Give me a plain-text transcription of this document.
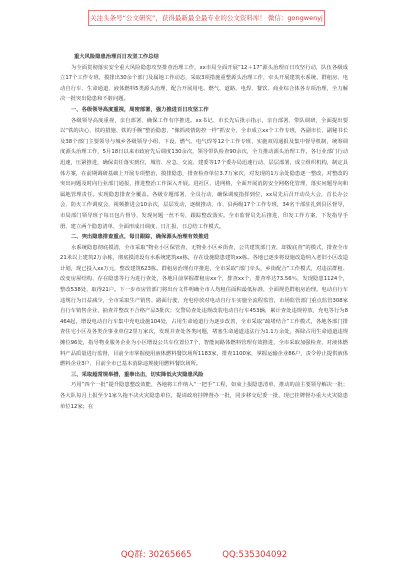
关注头条号“公文研究”，获得最新最全最专业的公文资料库！ 微信：gongwenyj
重大风险隐患治理百日攻坚工作总结
为全面贯彻落实安全重大风险隐患攻坚排查治理工作，xx市局全面开展“12＋17”源头治理百日攻坚行动，队伍各级成立17个工作专班，摸排出30余个部门及属地工作动态，采取3项措施重整源头治理工作，牵头开展建筑水系统、群租房、电动自行车、生命通道、液体燃料5类源头治理，配合开展用电、燃气、道路、电焊、餐饮、商业综合体各专项治理，全力解决一批突出隐患和不脏问题。
一、各级领导高度重视，周密部署，强力推进百日攻坚工作
各级领导高度重视，亲自部署，确保工作有序推进。xx书记、市长先后批示指示，亲自部署、带队调研，全面提出要以“铁的决心、铁的措施、铁的手腕”整治隐患，“像抓疫情防控一样”抓安全，全市成立xx个工作专班，各副市长、副秘书长及38个部门主要领导与城乡各级领导小组、下设、燃气、电气焊等12个工作专班，实施双周通报及集中督导机制，统筹调度源头治理工作，5月18日以来市政府先后调度130余次，领导带队检查90余次，全力推动源头治理工作。各行业部门行动迅速，压紧推进，确保责任落实到位，城管、应急、交流、建委等17个委办局迅速行动，层层部署，成立组织机构，制定具体方案，在前期调研基础上开展专项整治，摸排隐患，排查检查单位3.7万家次，对发现的1万余处隐患逐一整改，对整改的突出问题及时向行业部门通报，推进整治工作深入开展。进社区、进网格，全面开展消防安全网格化管理，落实问题导向和属地管理责任。实现隐患排查全覆盖。各级专题部署、全员行动，确保调度指挥到位，xx局先后召开动员大会，首长办公会、防火工作调度会，视频推进会10余次，层层发动，逐级推动，市、县两级17个工作专班，34名干部驻扎到县区督导，市局部门领导班子每日包片督导，发现问题一丝不苟，跟踪整改落实。全市监督员先后推进，印发工作方案、下发指导手册、建立两个隐患清单，全面形成日调度、日汇报、日总结工作模式。
二、突出隐患排查重点，每日跟踪，确保源头治理有效推进
水系统隐患彻底摸清，全市采取“物业小区保管查，无物业小区乡街查，公共建筑部门查，却拨底查”的模式，排查全市21米以上建筑2万余栋，彻底摸清设有水系统建筑xx栋，存在设施隐患建筑xx栋。各地已逐步将设施改造纳入老旧小区改造计划，现已投入xx万元，整改建筑623栋。群租房治理有序推进，全市采取“部门牵头，乡街配合”工作模式，对违法群租、改变房屋结构、存在隐患等行为进行查处，各地目前掌握群租房xx个，排查xx个，排查率达73.56％，发现隐患1124个，整改538处，取得21户。下一步市房管部门将出台文件明确全市人均租住面积最低标准，全面规范群租房治理。电动自行车违规行为日益减少，全市采取生产销售、路面行驶、充电停放对电动自行车实施全流程监管，市场监管部门重点监管308家自行车销售企业，抽查并整改不合格产品3批次；交警局查处违规改装电动自行车453辆，累计查处违规停放，充电等行为8464起，增设电动自行车集中充电设施104处，占用生命通道行为逐步改善，全市采取“疏堵结合”工作模式，各地各部门排查住宅小区及各类企事业单位2里万家次，发现并查处各类问题，堵塞生命通道违法行为1.1万余处，拆除占用生命通道违规摊位96处，指导物业服务企业为小区增设公共车位置位7个，智能间路体燃料管理有效推进，全市采取加强检查，对液体燃料产品质量进行监督，目前全市掌握使用液体燃料餐饮场所1183家，排查1100家，掌握运输企业86户，责令停止提供液体燃料企业3户，目前全市已基本消除违规使用燃料餐饮场所。
三、采取超常规举措，重拳出击，切实降低火灾隐患风险
巧用“四个一批”提升隐患整改效能，各地将工作纳入“一把手”工程，如束上报隐患清单，推动的前主要领导解决一批；各大队每月上报至少1家久拖不决火灾隐患单位，提请政府挂牌督办一批，同步移交纪委一批，现已挂牌督办重大火灾隐患单位12家；在
QQ群: 30265665	QQ:535304092
